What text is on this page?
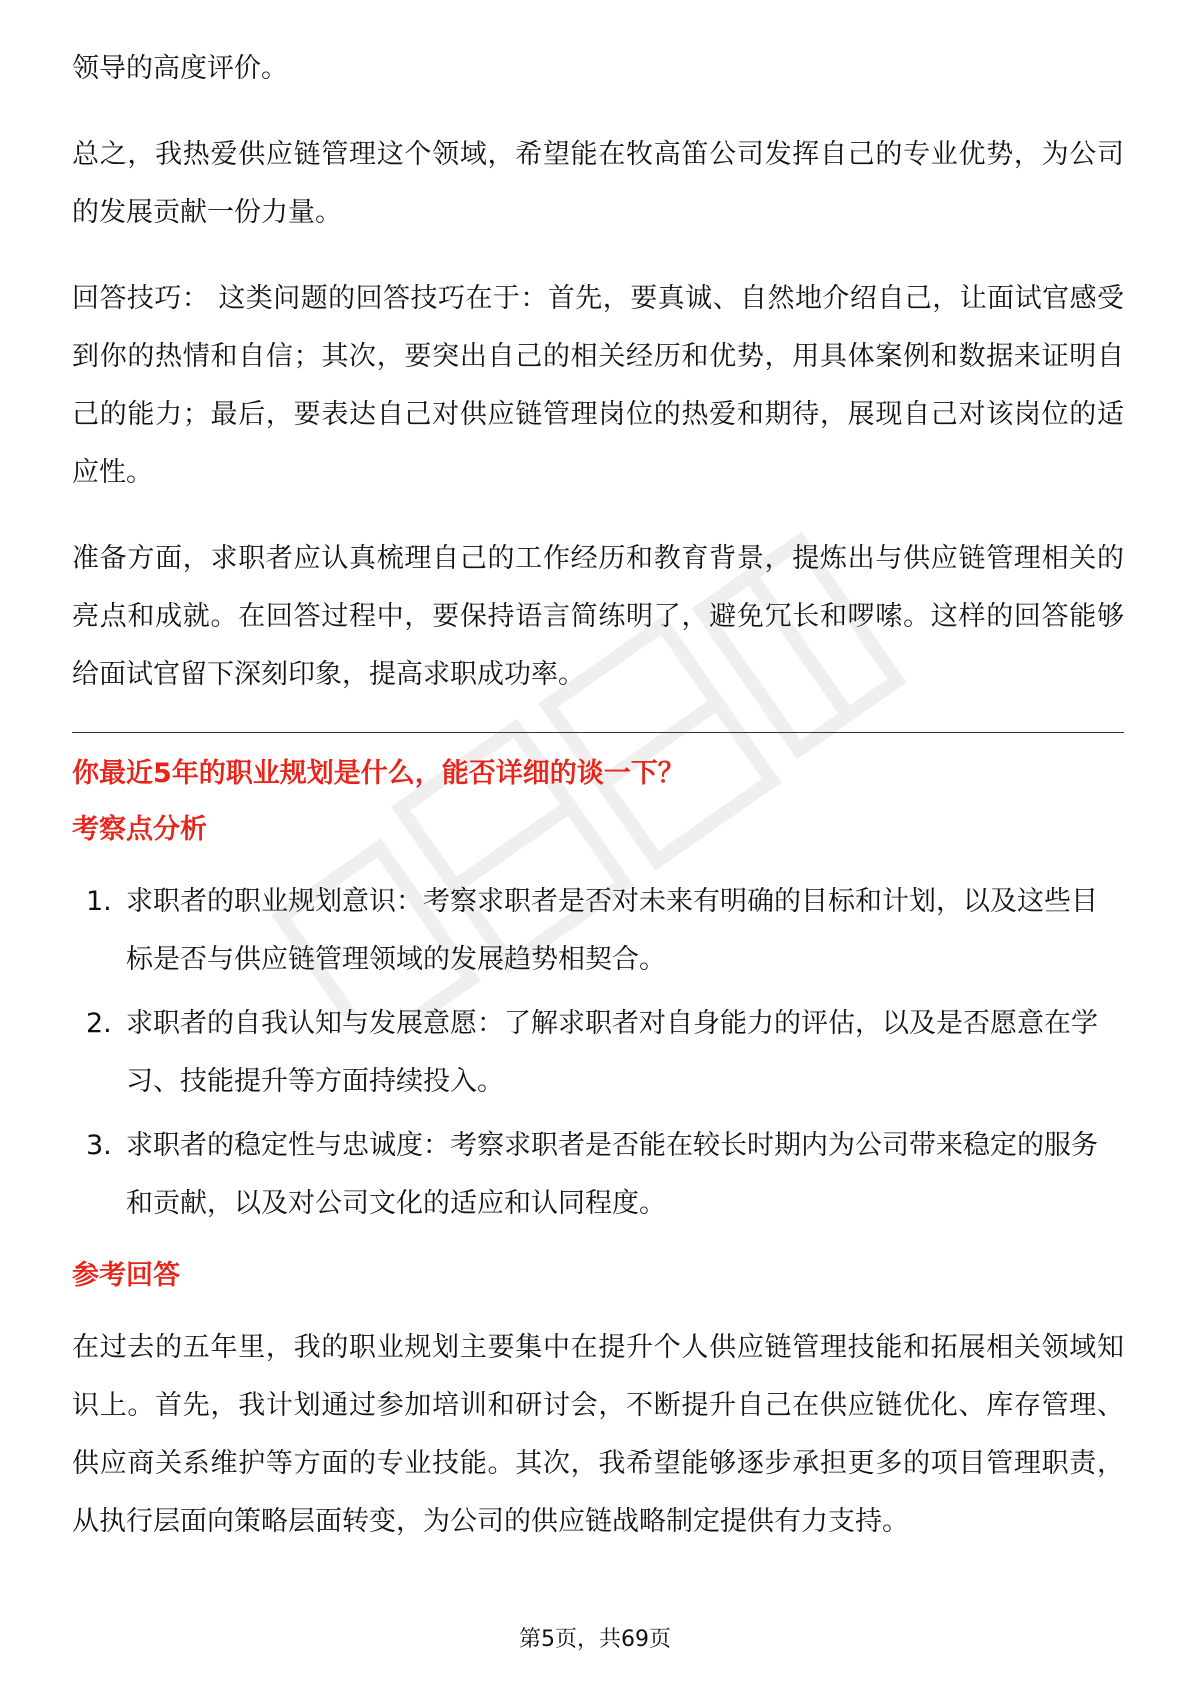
领导的高度评价。

总之，我热爱供应链管理这个领域，希望能在牧高笛公司发挥自己的专业优势，为公司的发展贡献一份力量。

回答技巧： 这类问题的回答技巧在于：首先，要真诚、自然地介绍自己，让面试官感受到你的热情和自信；其次，要突出自己的相关经历和优势，用具体案例和数据来证明自己的能力；最后，要表达自己对供应链管理岗位的热爱和期待，展现自己对该岗位的适应性。

准备方面，求职者应认真梳理自己的工作经历和教育背景，提炼出与供应链管理相关的亮点和成就。在回答过程中，要保持语言简练明了，避免冗长和啰嗦。这样的回答能够给面试官留下深刻印象，提高求职成功率。

你最近5年的职业规划是什么，能否详细的谈一下？
考察点分析
1. 求职者的职业规划意识：考察求职者是否对未来有明确的目标和计划，以及这些目标是否与供应链管理领域的发展趋势相契合。
2. 求职者的自我认知与发展意愿：了解求职者对自身能力的评估，以及是否愿意在学习、技能提升等方面持续投入。
3. 求职者的稳定性与忠诚度：考察求职者是否能在较长时期内为公司带来稳定的服务和贡献，以及对公司文化的适应和认同程度。
参考回答

在过去的五年里，我的职业规划主要集中在提升个人供应链管理技能和拓展相关领域知识上。首先，我计划通过参加培训和研讨会，不断提升自己在供应链优化、库存管理、供应商关系维护等方面的专业技能。其次，我希望能够逐步承担更多的项目管理职责，从执行层面向策略层面转变，为公司的供应链战略制定提供有力支持。

第5页，共69页
